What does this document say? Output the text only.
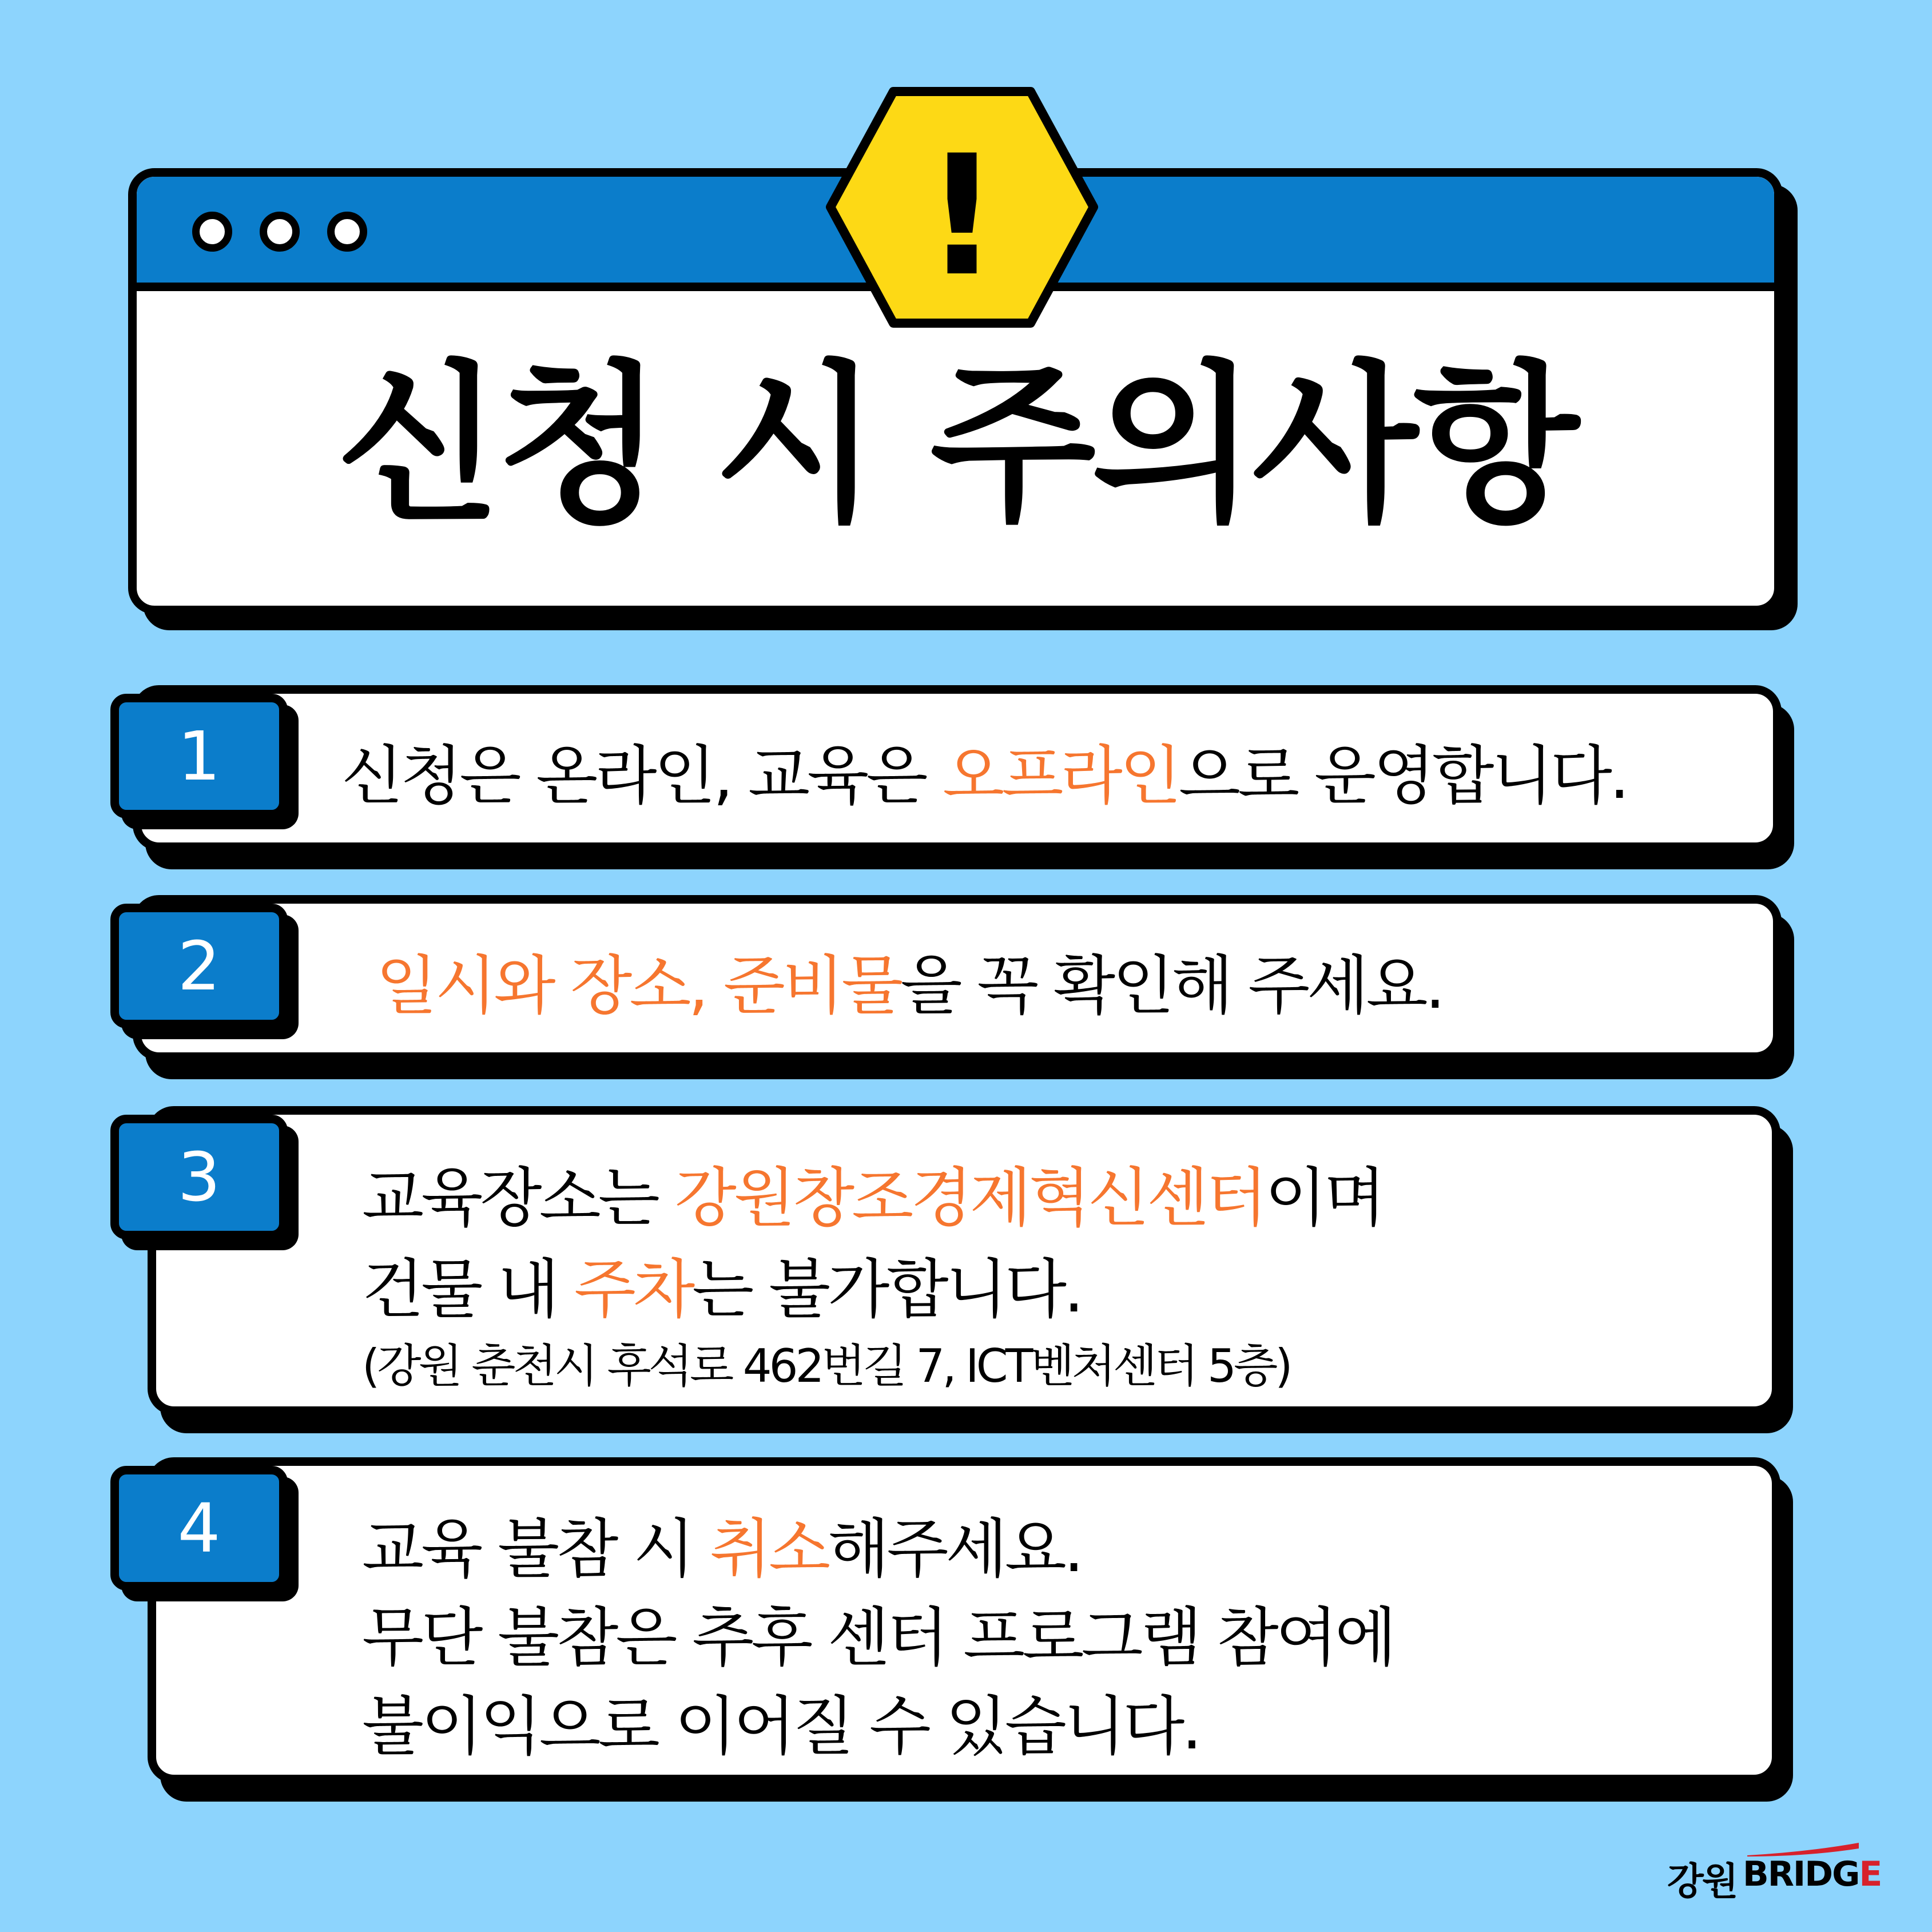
신청 시 주의사항
!
신청은 온라인, 교육은 오프라인으로 운영합니다.
1
일시와 장소, 준비물을 꼭 확인해 주세요.
2
교육장소는 강원창조경제혁신센터이며
건물 내 주차는 불가합니다.
(강원 춘천시 후석로 462번길 7, ICT벤처센터 5층)
3
교육 불참 시 취소해주세요.
무단 불참은 추후 센터 프로그램 참여에
불이익으로 이어질 수 있습니다.
4
강원 BRIDGE
